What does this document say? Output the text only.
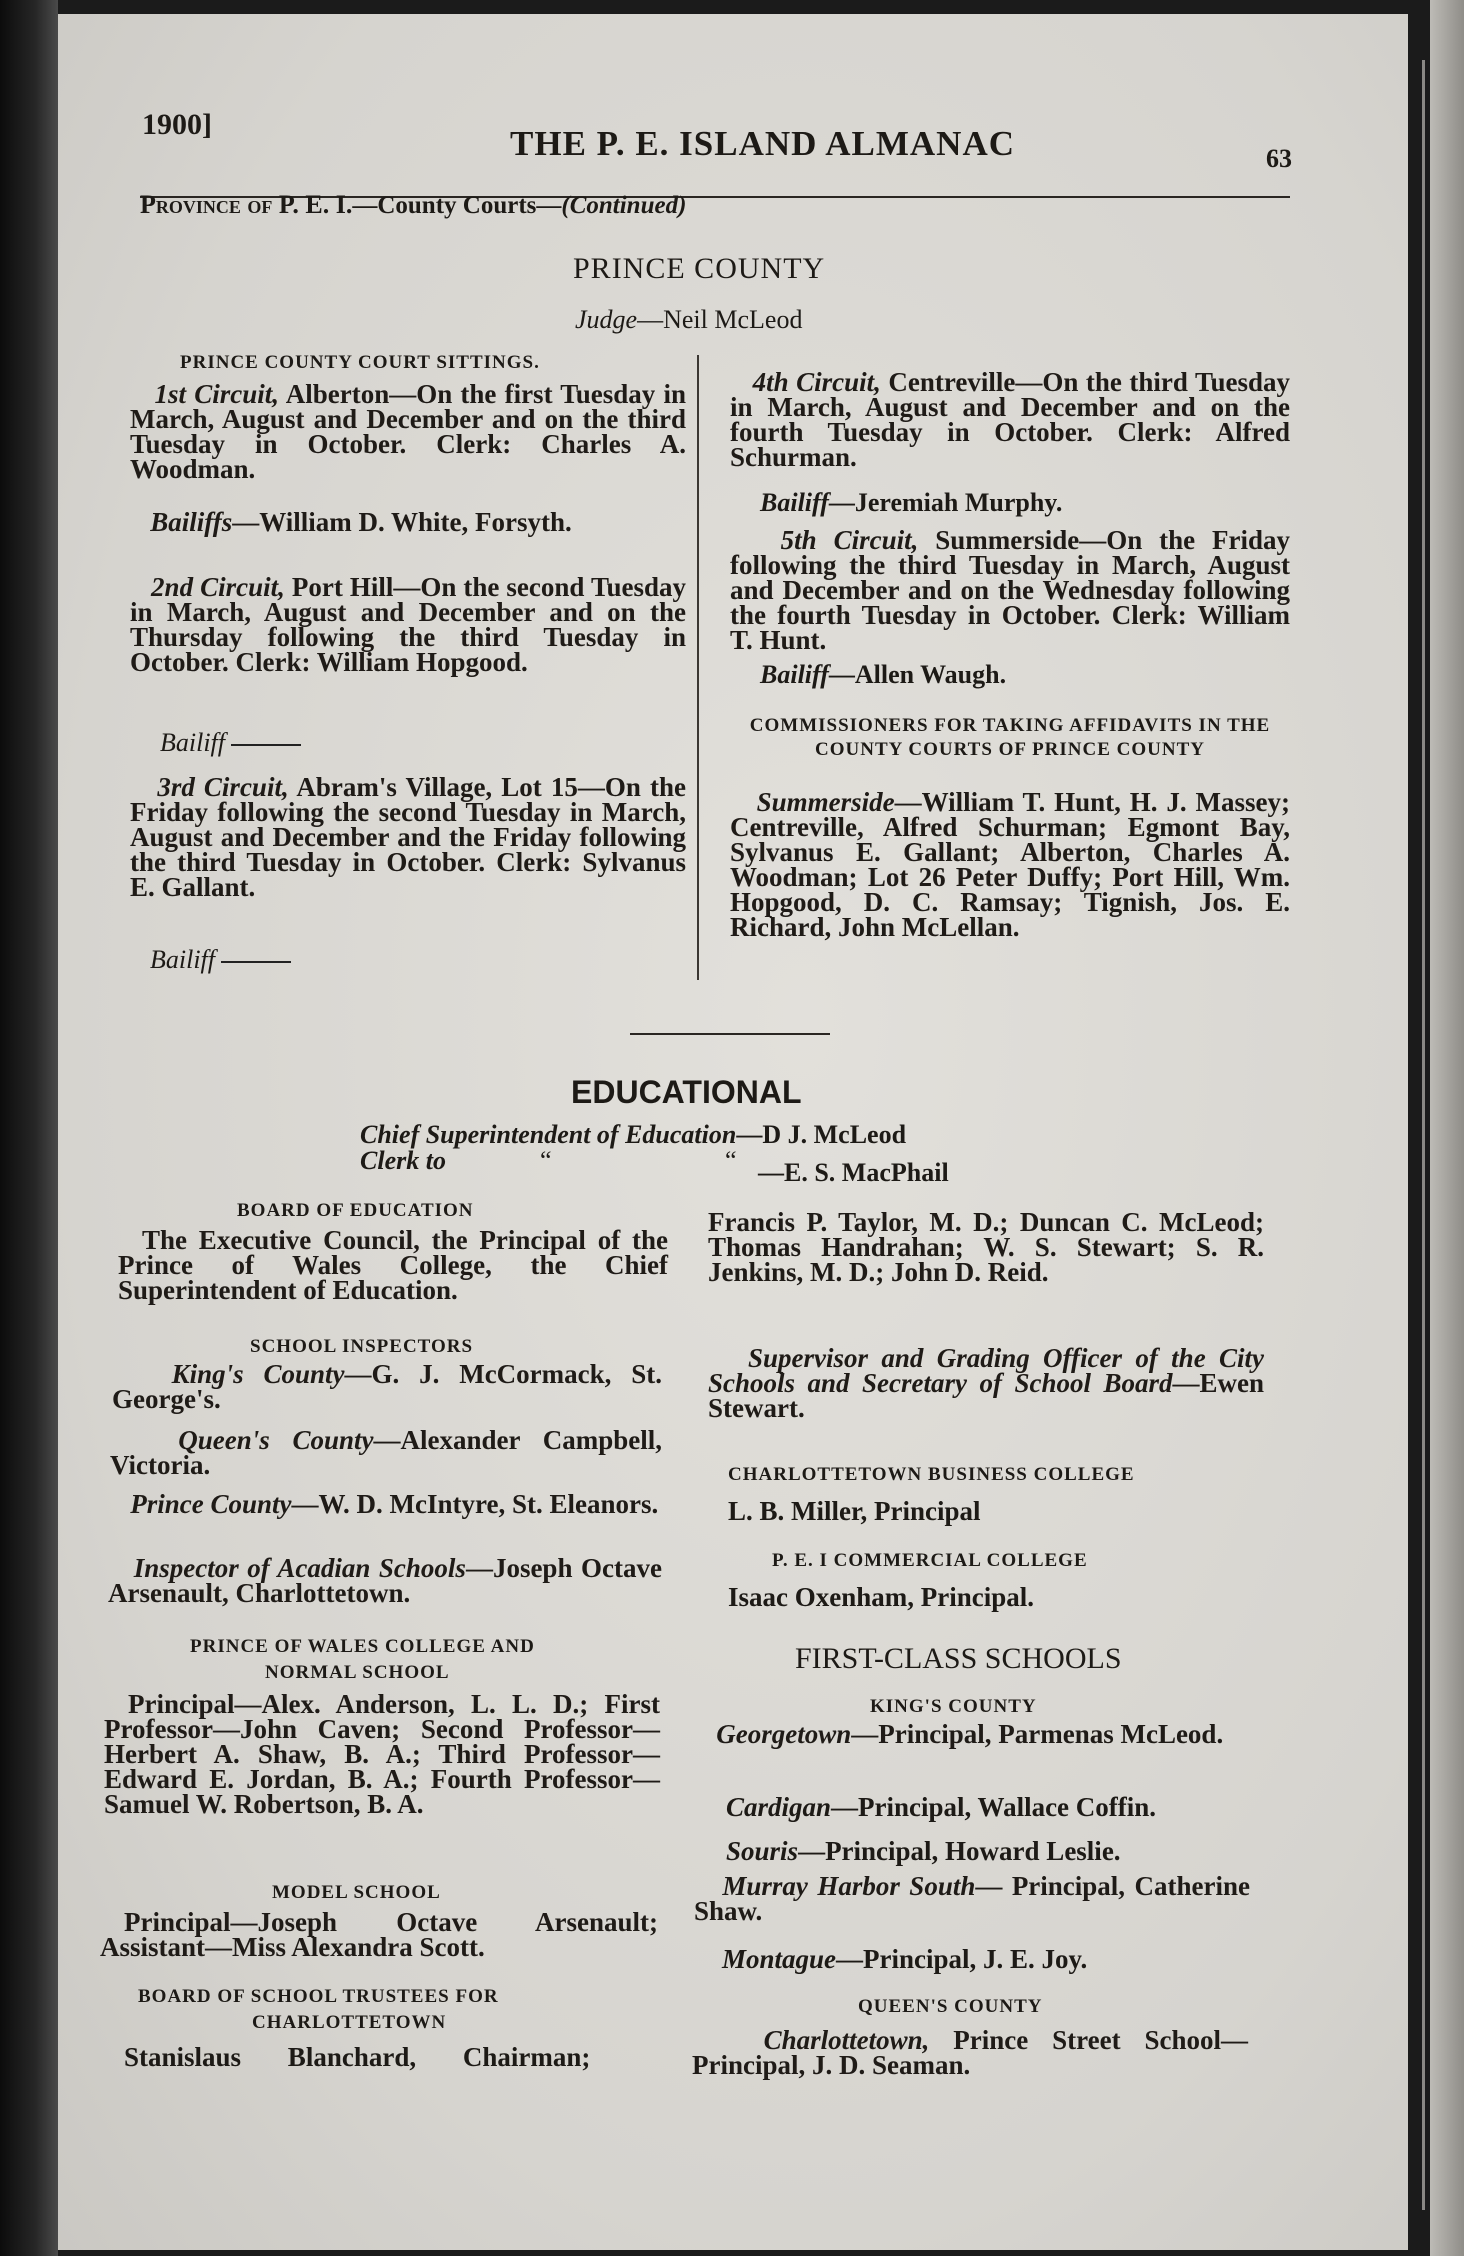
1900]	THE P. E. ISLAND ALMANAC	63

Province of P. E. I.—County Courts—(Continued)

PRINCE COUNTY

Judge—Neil McLeod

PRINCE COUNTY COURT SITTINGS.

1st Circuit, Alberton—On the first Tuesday in March, August and December and on the third Tuesday in October. Clerk: Charles A. Woodman.

Bailiffs—William D. White, Forsyth.

2nd Circuit, Port Hill—On the second Tuesday in March, August and December and on the Thursday following the third Tuesday in October. Clerk: William Hopgood.

Bailiff

3rd Circuit, Abram's Village, Lot 15—On the Friday following the second Tuesday in March, August and December and the Friday following the third Tuesday in October. Clerk: Sylvanus E. Gallant.

Bailiff

4th Circuit, Centreville—On the third Tuesday in March, August and December and on the fourth Tuesday in October. Clerk: Alfred Schurman.

Bailiff—Jeremiah Murphy.

5th Circuit, Summerside—On the Friday following the third Tuesday in March, August and December and on the Wednesday following the fourth Tuesday in October. Clerk: William T. Hunt.

Bailiff—Allen Waugh.

COMMISSIONERS FOR TAKING AFFIDAVITS IN THE COUNTY COURTS OF PRINCE COUNTY

Summerside—William T. Hunt, H. J. Massey; Centreville, Alfred Schurman; Egmont Bay, Sylvanus E. Gallant; Alberton, Charles A. Woodman; Lot 26 Peter Duffy; Port Hill, Wm. Hopgood, D. C. Ramsay; Tignish, Jos. E. Richard, John McLellan.

EDUCATIONAL

Chief Superintendent of Education—D J. McLeod

Clerk to	“	“ —E. S. MacPhail

BOARD OF EDUCATION

The Executive Council, the Principal of the Prince of Wales College, the Chief Superintendent of Education.

SCHOOL INSPECTORS

King's County—G. J. McCormack, St. George's.

Queen's County—Alexander Campbell, Victoria.

Prince County—W. D. McIntyre, St. Eleanors.

Inspector of Acadian Schools—Joseph Octave Arsenault, Charlottetown.

PRINCE OF WALES COLLEGE AND

NORMAL SCHOOL

Principal—Alex. Anderson, L. L. D.; First Professor—John Caven; Second Professor—Herbert A. Shaw, B. A.; Third Professor—Edward E. Jordan, B. A.; Fourth Professor—Samuel W. Robertson, B. A.

MODEL SCHOOL

Principal—Joseph Octave Arsenault; Assistant—Miss Alexandra Scott.

BOARD OF SCHOOL TRUSTEES FOR

CHARLOTTETOWN

Stanislaus Blanchard, Chairman;

Francis P. Taylor, M. D.; Duncan C. McLeod; Thomas Handrahan; W. S. Stewart; S. R. Jenkins, M. D.; John D. Reid.

Supervisor and Grading Officer of the City Schools and Secretary of School Board—Ewen Stewart.

CHARLOTTETOWN BUSINESS COLLEGE

L. B. Miller, Principal

P. E. I COMMERCIAL COLLEGE

Isaac Oxenham, Principal.

FIRST-CLASS SCHOOLS

KING'S COUNTY

Georgetown—Principal, Parmenas McLeod.

Cardigan—Principal, Wallace Coffin.

Souris—Principal, Howard Leslie.

Murray Harbor South— Principal, Catherine Shaw.

Montague—Principal, J. E. Joy.

QUEEN'S COUNTY

Charlottetown, Prince Street School—Principal, J. D. Seaman.
